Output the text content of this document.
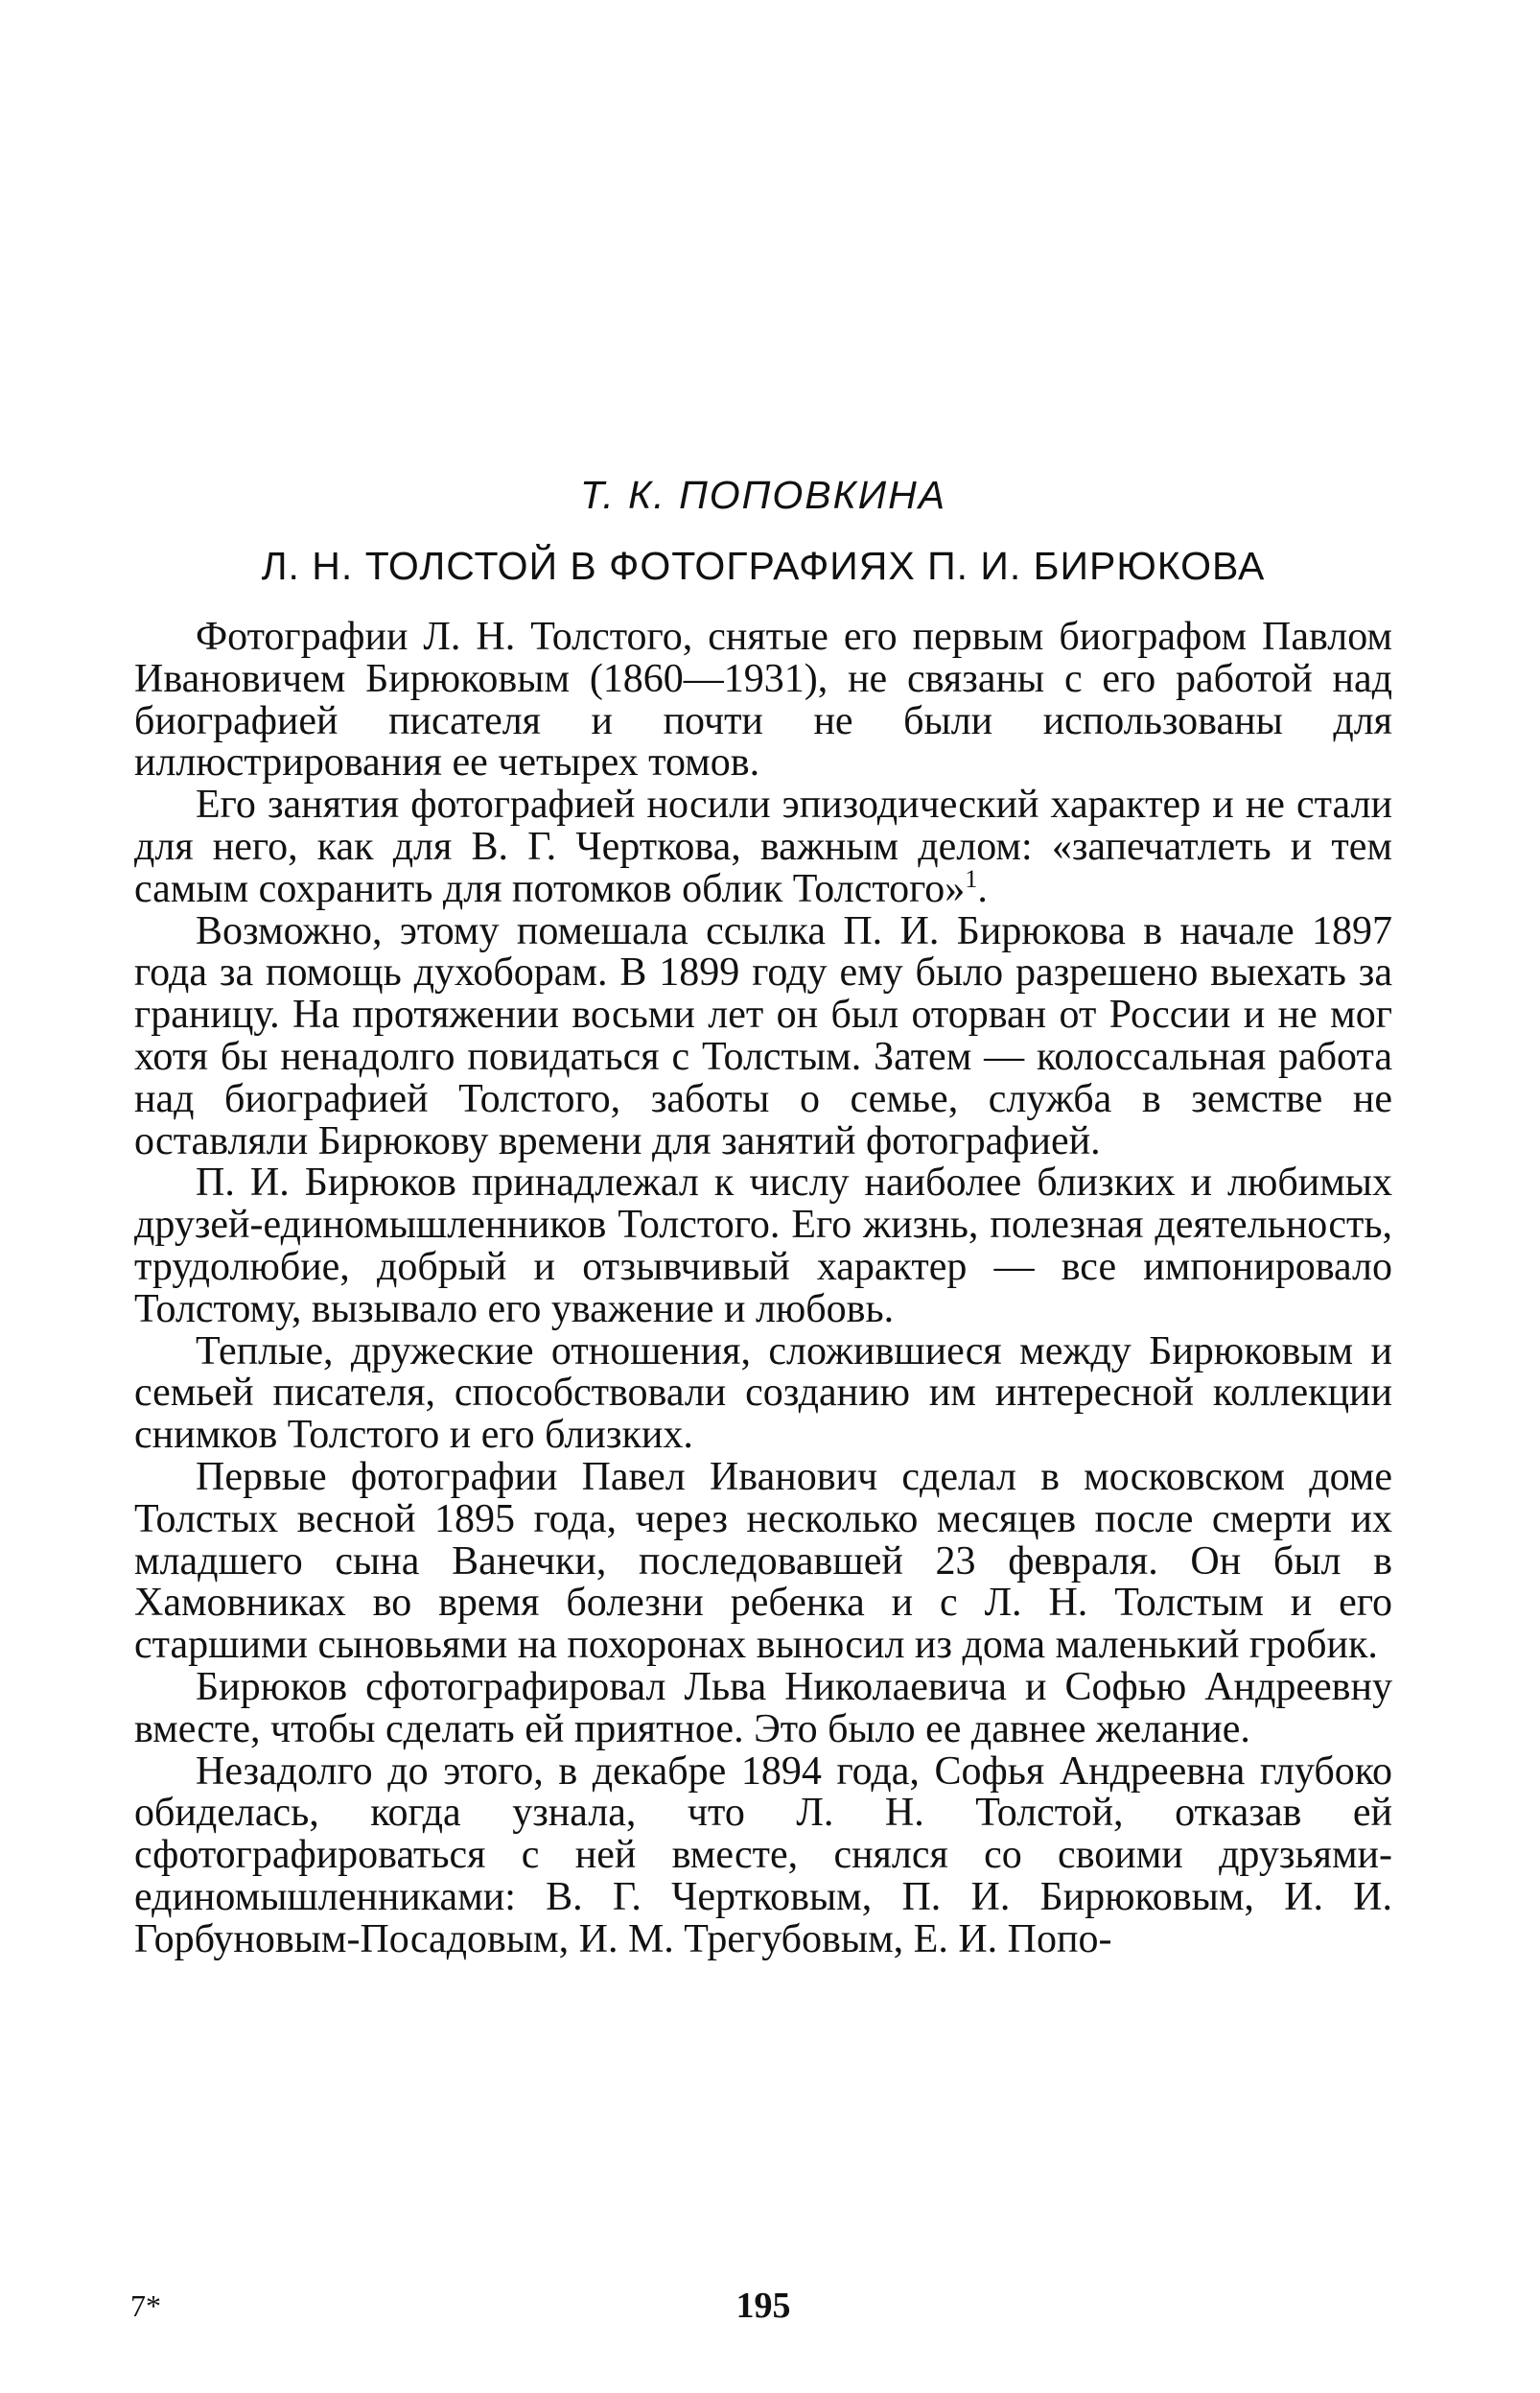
Т. К. ПОПОВКИНА

Л. Н. ТОЛСТОЙ В ФОТОГРАФИЯХ П. И. БИРЮКОВА

Фотографии Л. Н. Толстого, снятые его первым биографом Павлом Ивановичем Бирюковым (1860—1931), не связаны с его работой над биографией писателя и почти не были использованы для иллюстрирования ее четырех томов.

Его занятия фотографией носили эпизодический характер и не стали для него, как для В. Г. Черткова, важным делом: «запечатлеть и тем самым сохранить для потомков облик Толстого»$^1$.

Возможно, этому помешала ссылка П. И. Бирюкова в начале 1897 года за помощь духоборам. В 1899 году ему было разрешено выехать за границу. На протяжении восьми лет он был оторван от России и не мог хотя бы ненадолго повидаться с Толстым. Затем — колоссальная работа над биографией Толстого, заботы о семье, служба в земстве не оставляли Бирюкову времени для занятий фотографией.

П. И. Бирюков принадлежал к числу наиболее близких и любимых друзей-единомышленников Толстого. Его жизнь, полезная деятельность, трудолюбие, добрый и отзывчивый характер — все импонировало Толстому, вызывало его уважение и любовь.

Теплые, дружеские отношения, сложившиеся между Бирюковым и семьей писателя, способствовали созданию им интересной коллекции снимков Толстого и его близких.

Первые фотографии Павел Иванович сделал в московском доме Толстых весной 1895 года, через несколько месяцев после смерти их младшего сына Ванечки, последовавшей 23 февраля. Он был в Хамовниках во время болезни ребенка и с Л. Н. Толстым и его старшими сыновьями на похоронах выносил из дома маленький гробик.

Бирюков сфотографировал Льва Николаевича и Софью Андреевну вместе, чтобы сделать ей приятное. Это было ее давнее желание.

Незадолго до этого, в декабре 1894 года, Софья Андреевна глубоко обиделась, когда узнала, что Л. Н. Толстой, отказав ей сфотографироваться с ней вместе, снялся со своими друзьями-единомышленниками: В. Г. Чертковым, П. И. Бирюковым, И. И. Горбуновым-Посадовым, И. М. Трегубовым, Е. И. Попо-

7*	195
